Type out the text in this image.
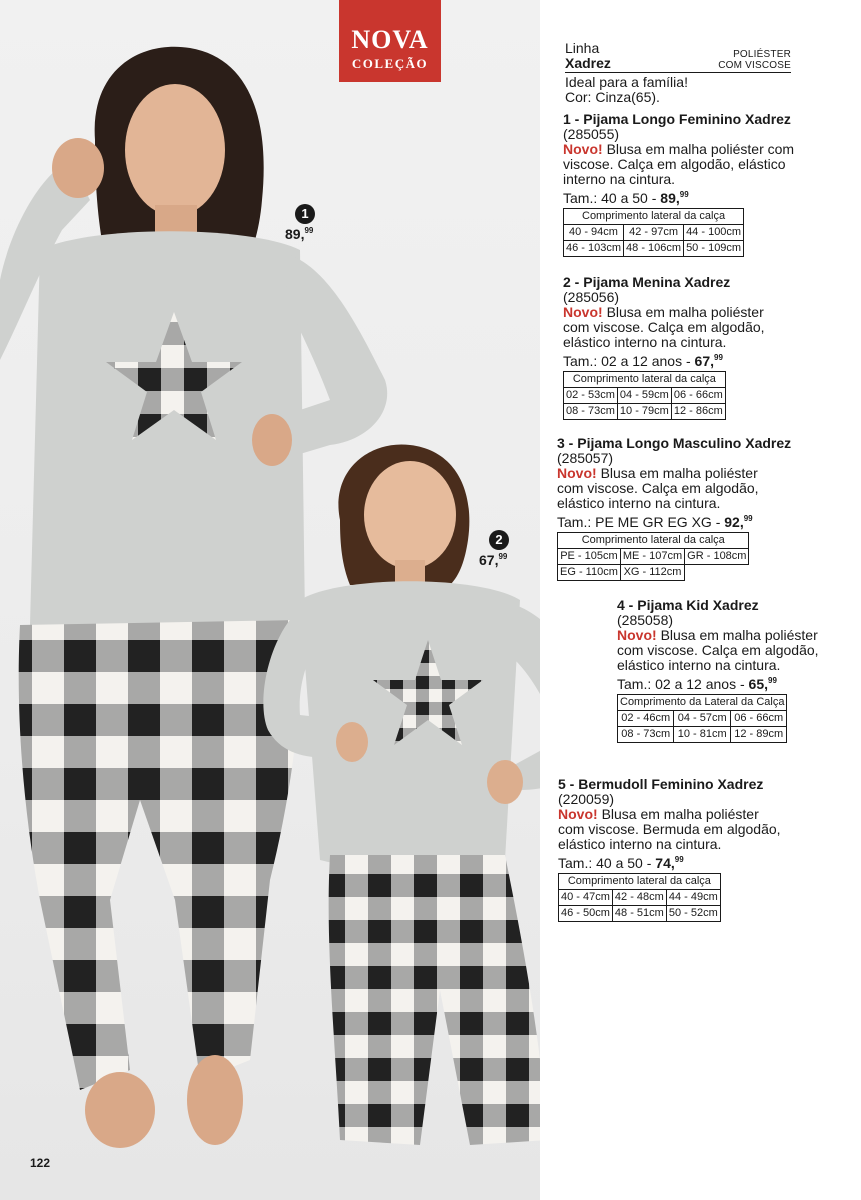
NOVA
COLEÇÃO
1
89,99
2
67,99
Linha
Xadrez
POLIÉSTER
COM VISCOSE
Ideal para a família!
Cor: Cinza(65).
1 - Pijama Longo Feminino Xadrez
(285055)
Novo! Blusa em malha poliéster com
viscose. Calça em algodão, elástico
interno na cintura.
Tam.: 40 a 50 - 89,99
Comprimento lateral da calça		
40 - 94cm	42 - 97cm	44 - 100cm
46 - 103cm	48 - 106cm	50 - 109cm
2 - Pijama Menina Xadrez
(285056)
Novo! Blusa em malha poliéster
com viscose. Calça em algodão,
elástico interno na cintura.
Tam.: 02 a 12 anos - 67,99
Comprimento lateral da calça		
02 - 53cm	04 - 59cm	06 - 66cm
08 - 73cm	10 - 79cm	12 - 86cm
3 - Pijama Longo Masculino Xadrez
(285057)
Novo! Blusa em malha poliéster
com viscose. Calça em algodão,
elástico interno na cintura.
Tam.: PE ME GR EG XG - 92,99
Comprimento lateral da calça		
PE - 105cm	ME - 107cm	GR - 108cm
EG - 110cm	XG - 112cm	
4 - Pijama Kid Xadrez
(285058)
Novo! Blusa em malha poliéster
com viscose. Calça em algodão,
elástico interno na cintura.
Tam.: 02 a 12 anos - 65,99
Comprimento da Lateral da Calça		
02 - 46cm	04 - 57cm	06 - 66cm
08 - 73cm	10 - 81cm	12 - 89cm
5 - Bermudoll Feminino Xadrez
(220059)
Novo! Blusa em malha poliéster
com viscose. Bermuda em algodão,
elástico interno na cintura.
Tam.: 40 a 50 - 74,99
Comprimento lateral da calça		
40 - 47cm	42 - 48cm	44 - 49cm
46 - 50cm	48 - 51cm	50 - 52cm
122
